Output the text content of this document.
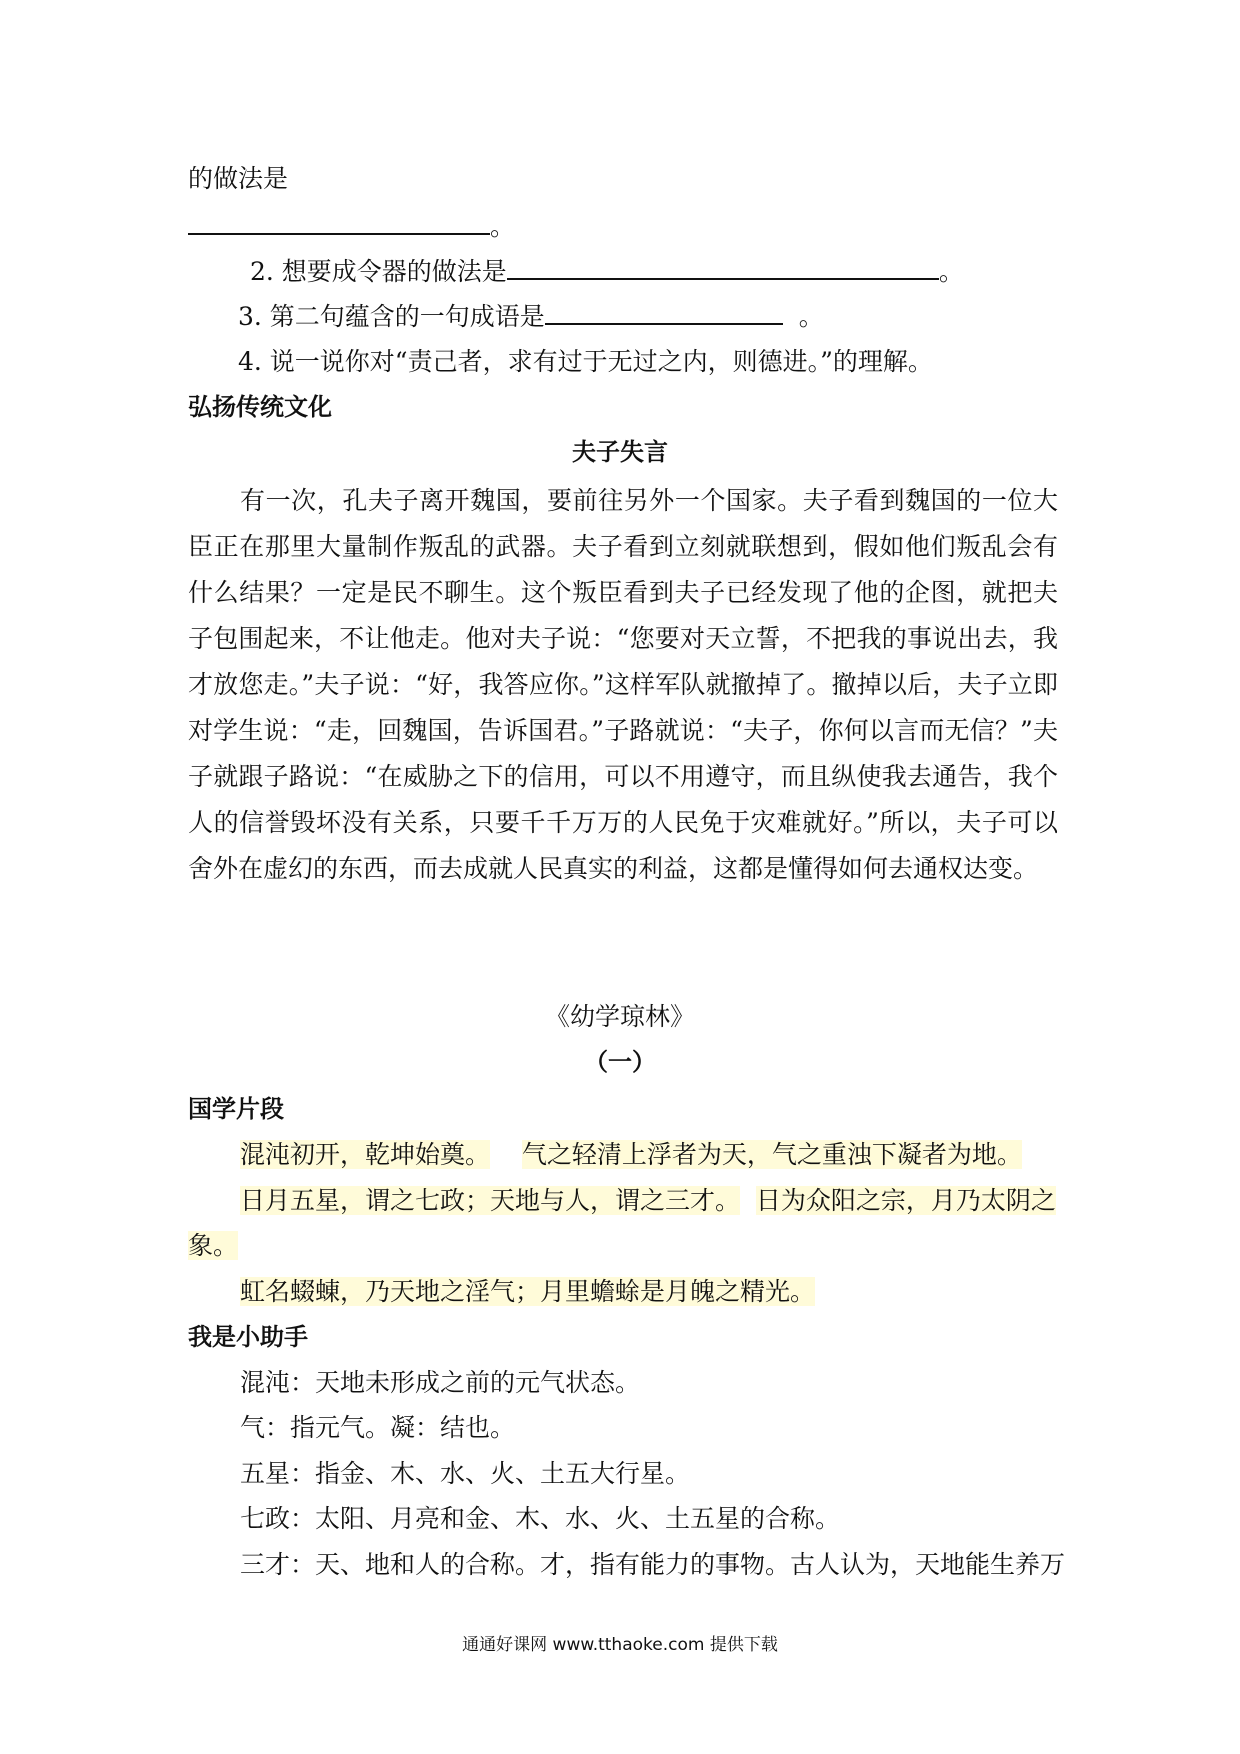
的做法是
。
2. 想要成令器的做法是	。
3. 第二句蕴含的一句成语是	。
4. 说一说你对“责己者，求有过于无过之内，则德进。”的理解。
弘扬传统文化
夫子失言
有一次，孔夫子离开魏国，要前往另外一个国家。夫子看到魏国的一位大臣正在那里大量制作叛乱的武器。夫子看到立刻就联想到，假如他们叛乱会有什么结果？一定是民不聊生。这个叛臣看到夫子已经发现了他的企图，就把夫子包围起来，不让他走。他对夫子说：“您要对天立誓，不把我的事说出去，我才放您走。”夫子说：“好，我答应你。”这样军队就撤掉了。撤掉以后，夫子立即对学生说：“走，回魏国，告诉国君。”子路就说：“夫子，你何以言而无信？”夫子就跟子路说：“在威胁之下的信用，可以不用遵守，而且纵使我去通告，我个人的信誉毁坏没有关系，只要千千万万的人民免于灾难就好。”所以，夫子可以舍外在虚幻的东西，而去成就人民真实的利益，这都是懂得如何去通权达变。
《幼学琼林》
（一）
国学片段
混沌初开，乾坤始奠。 气之轻清上浮者为天，气之重浊下凝者为地。
日月五星，谓之七政；天地与人，谓之三才。 日为众阳之宗，月乃太阴之
象。
虹名蝃蝀，乃天地之淫气；月里蟾蜍是月魄之精光。
我是小助手
混沌：天地未形成之前的元气状态。
气：指元气。凝：结也。
五星：指金、木、水、火、土五大行星。
七政：太阳、月亮和金、木、水、火、土五星的合称。
三才：天、地和人的合称。才，指有能力的事物。古人认为，天地能生养万
通通好课网 www.tthaoke.com 提供下载
